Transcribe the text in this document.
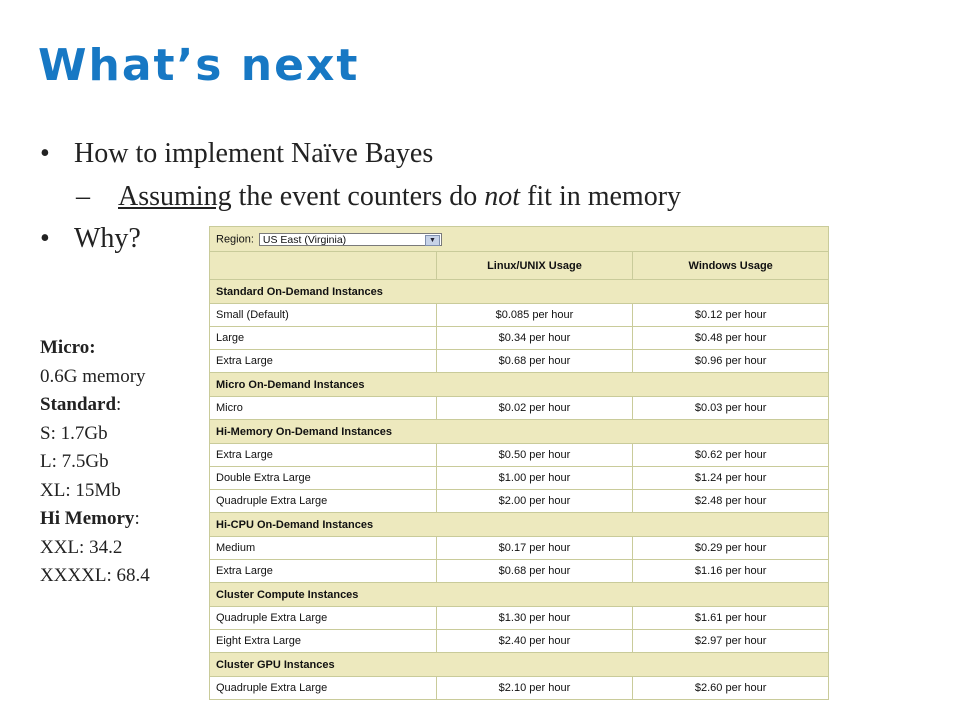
What’s next
• How to implement Naïve Bayes
– Assuming the event counters do not fit in memory
• Why?
Micro:
0.6G memory
Standard:
S: 1.7Gb
L: 7.5Gb
XL: 15Mb
Hi Memory:
XXL: 34.2
XXXXL: 68.4
Region: US East (Virginia) ▼		

	Linux/UNIX Usage	Windows Usage
Standard On-Demand Instances		
Small (Default)	$0.085 per hour	$0.12 per hour
Large	$0.34 per hour	$0.48 per hour
Extra Large	$0.68 per hour	$0.96 per hour
Micro On-Demand Instances		
Micro	$0.02 per hour	$0.03 per hour
Hi-Memory On-Demand Instances		
Extra Large	$0.50 per hour	$0.62 per hour
Double Extra Large	$1.00 per hour	$1.24 per hour
Quadruple Extra Large	$2.00 per hour	$2.48 per hour
Hi-CPU On-Demand Instances		
Medium	$0.17 per hour	$0.29 per hour
Extra Large	$0.68 per hour	$1.16 per hour
Cluster Compute Instances		
Quadruple Extra Large	$1.30 per hour	$1.61 per hour
Eight Extra Large	$2.40 per hour	$2.97 per hour
Cluster GPU Instances		
Quadruple Extra Large	$2.10 per hour	$2.60 per hour
